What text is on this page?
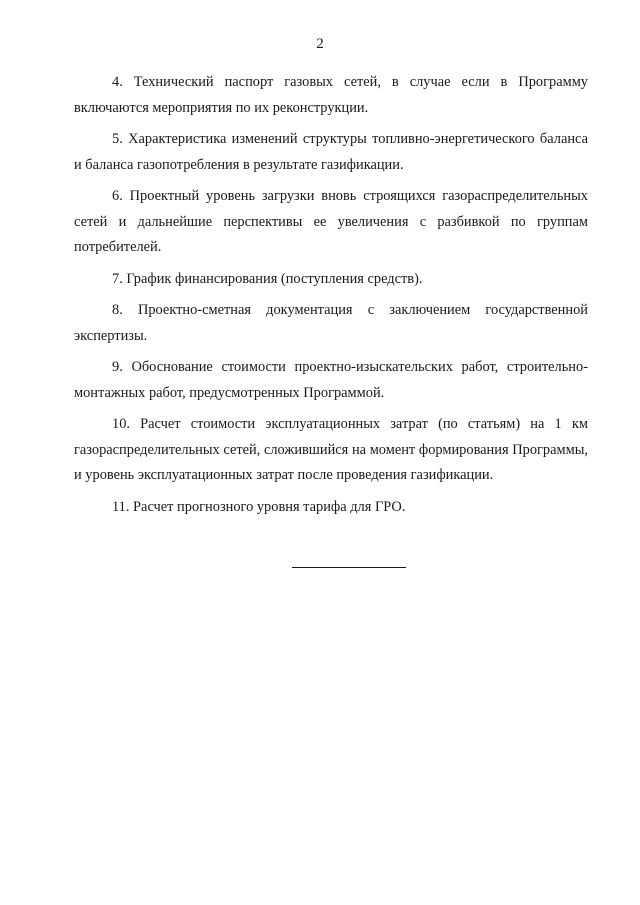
2

4. Технический паспорт газовых сетей, в случае если в Программу включаются мероприятия по их реконструкции.

5. Характеристика изменений структуры топливно-энергетического баланса и баланса газопотребления в результате газификации.

6. Проектный уровень загрузки вновь строящихся газораспределительных сетей и дальнейшие перспективы ее увеличения с разбивкой по группам потребителей.

7. График финансирования (поступления средств).

8. Проектно-сметная документация с заключением государственной экспертизы.

9. Обоснование стоимости проектно-изыскательских работ, строительно-монтажных работ, предусмотренных Программой.

10. Расчет стоимости эксплуатационных затрат (по статьям) на 1 км газораспределительных сетей, сложившийся на момент формирования Программы, и уровень эксплуатационных затрат после проведения газификации.

11. Расчет прогнозного уровня тарифа для ГРО.
